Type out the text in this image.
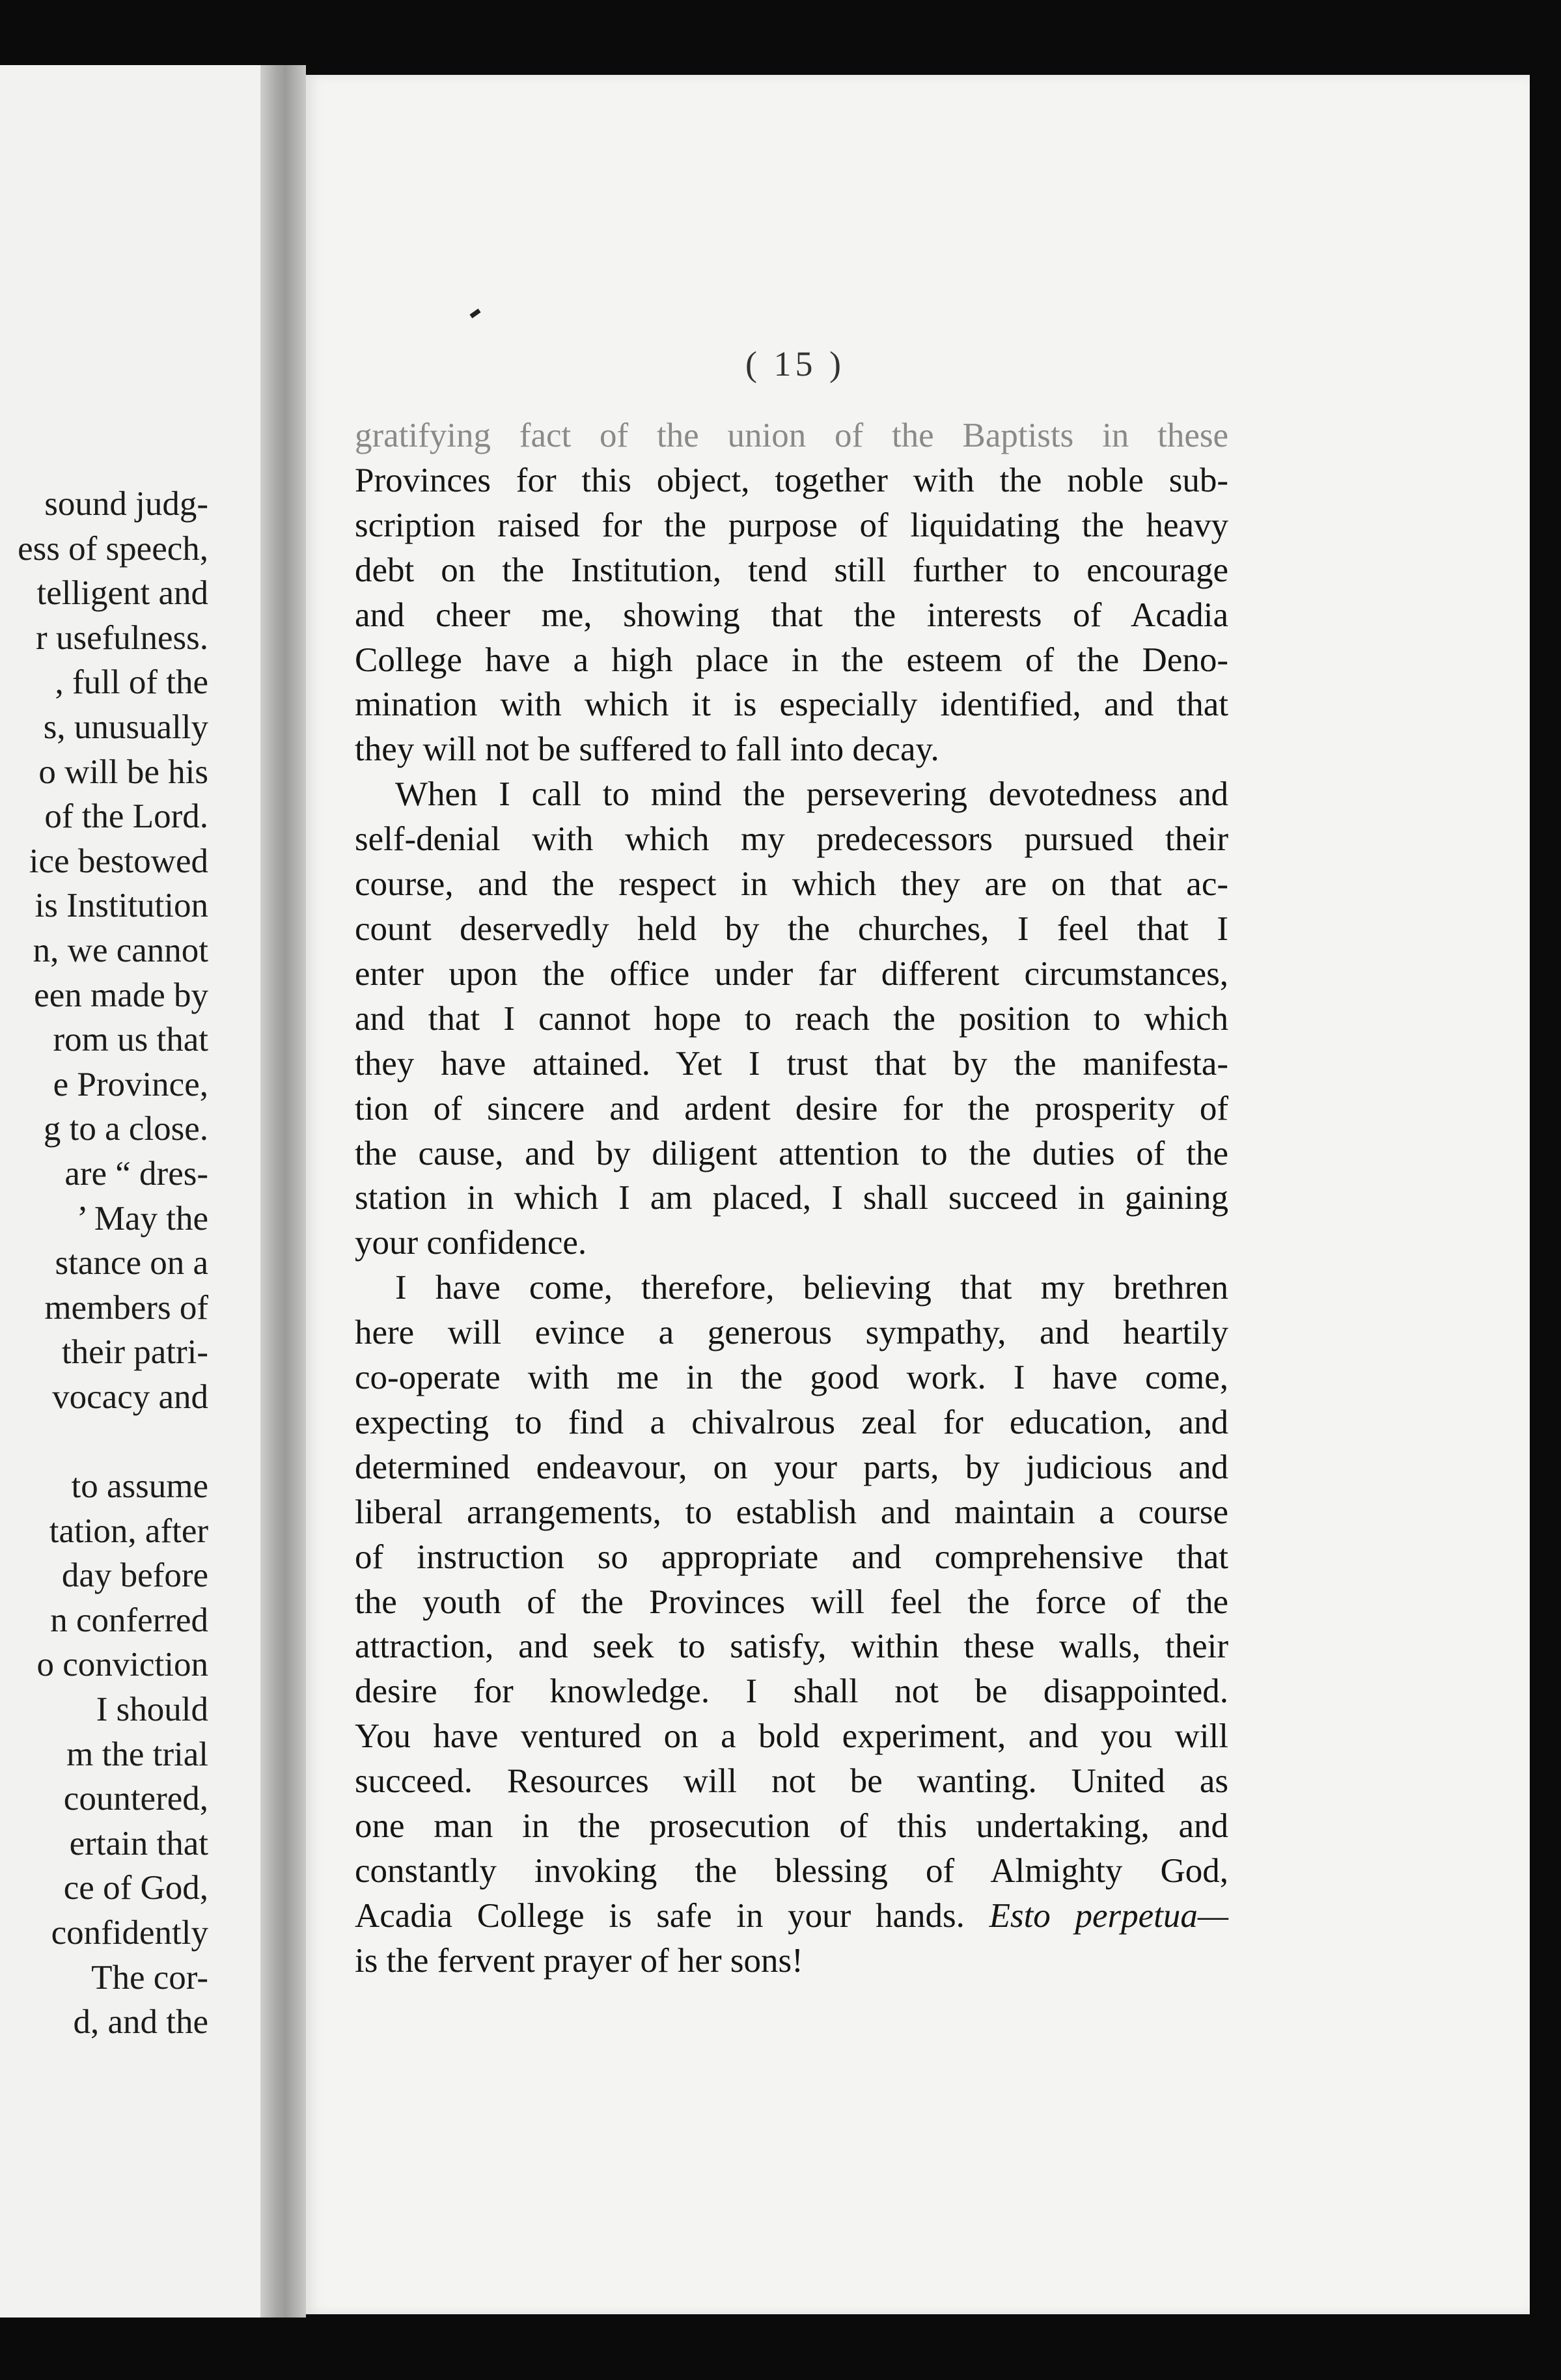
sound judg-
ess of speech,
telligent and
r usefulness.
, full of the
s, unusually
o will be his
of the Lord.
ice bestowed
is Institution
n, we cannot
een made by
rom us that
e Province,
g to a close.
are “ dres-
’ May the
stance on a
members of
their patri-
vocacy and
to assume
tation, after
day before
n conferred
o conviction
I should
m the trial
countered,
ertain that
ce of God,
confidently
The cor-
d, and the
( 15 )
gratifying fact of the union of the Baptists in these
Provinces for this object, together with the noble sub-
scription raised for the purpose of liquidating the heavy
debt on the Institution, tend still further to encourage
and cheer me, showing that the interests of Acadia
College have a high place in the esteem of the Deno-
mination with which it is especially identified, and that
they will not be suffered to fall into decay.
When I call to mind the persevering devotedness and
self-denial with which my predecessors pursued their
course, and the respect in which they are on that ac-
count deservedly held by the churches, I feel that I
enter upon the office under far different circumstances,
and that I cannot hope to reach the position to which
they have attained. Yet I trust that by the manifesta-
tion of sincere and ardent desire for the prosperity of
the cause, and by diligent attention to the duties of the
station in which I am placed, I shall succeed in gaining
your confidence.
I have come, therefore, believing that my brethren
here will evince a generous sympathy, and heartily
co-operate with me in the good work. I have come,
expecting to find a chivalrous zeal for education, and
determined endeavour, on your parts, by judicious and
liberal arrangements, to establish and maintain a course
of instruction so appropriate and comprehensive that
the youth of the Provinces will feel the force of the
attraction, and seek to satisfy, within these walls, their
desire for knowledge. I shall not be disappointed.
You have ventured on a bold experiment, and you will
succeed. Resources will not be wanting. United as
one man in the prosecution of this undertaking, and
constantly invoking the blessing of Almighty God,
Acadia College is safe in your hands. Esto perpetua—
is the fervent prayer of her sons!
